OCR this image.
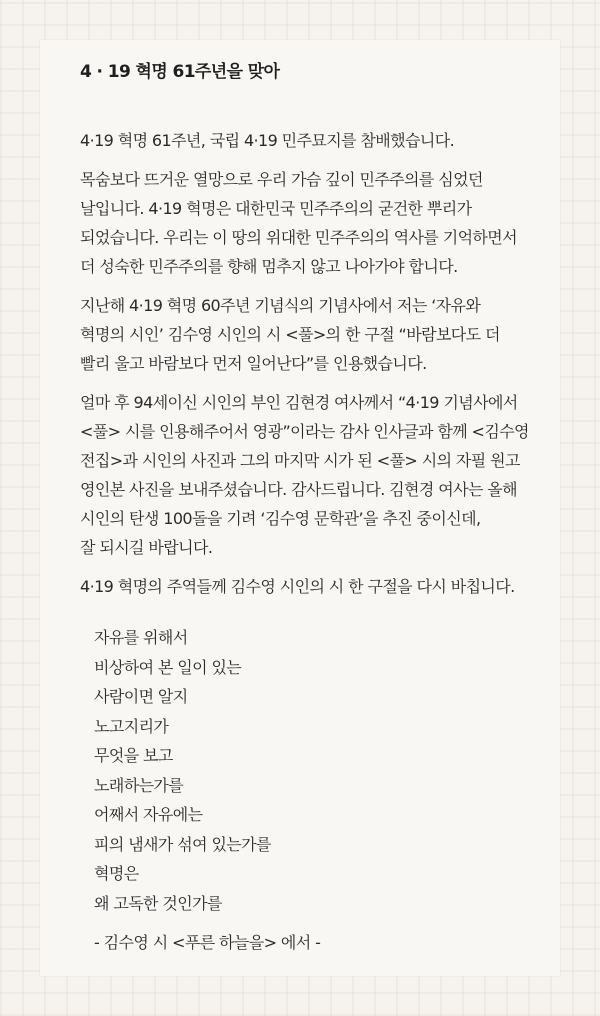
4 · 19 혁명 61주년을 맞아
4·19 혁명 61주년, 국립 4·19 민주묘지를 참배했습니다.
목숨보다 뜨거운 열망으로 우리 가슴 깊이 민주주의를 심었던
날입니다. 4·19 혁명은 대한민국 민주주의의 굳건한 뿌리가
되었습니다. 우리는 이 땅의 위대한 민주주의의 역사를 기억하면서
더 성숙한 민주주의를 향해 멈추지 않고 나아가야 합니다.
지난해 4·19 혁명 60주년 기념식의 기념사에서 저는 ‘자유와
혁명의 시인’ 김수영 시인의 시 <풀>의 한 구절 “바람보다도 더
빨리 울고 바람보다 먼저 일어난다”를 인용했습니다.
얼마 후 94세이신 시인의 부인 김현경 여사께서 “4·19 기념사에서
<풀> 시를 인용해주어서 영광”이라는 감사 인사글과 함께 <김수영
전집>과 시인의 사진과 그의 마지막 시가 된 <풀> 시의 자필 원고
영인본 사진을 보내주셨습니다. 감사드립니다. 김현경 여사는 올해
시인의 탄생 100돌을 기려 ‘김수영 문학관’을 추진 중이신데,
잘 되시길 바랍니다.
4·19 혁명의 주역들께 김수영 시인의 시 한 구절을 다시 바칩니다.
자유를 위해서
비상하여 본 일이 있는
사람이면 알지
노고지리가
무엇을 보고
노래하는가를
어째서 자유에는
피의 냄새가 섞여 있는가를
혁명은
왜 고독한 것인가를
- 김수영 시 <푸른 하늘을> 에서 -
